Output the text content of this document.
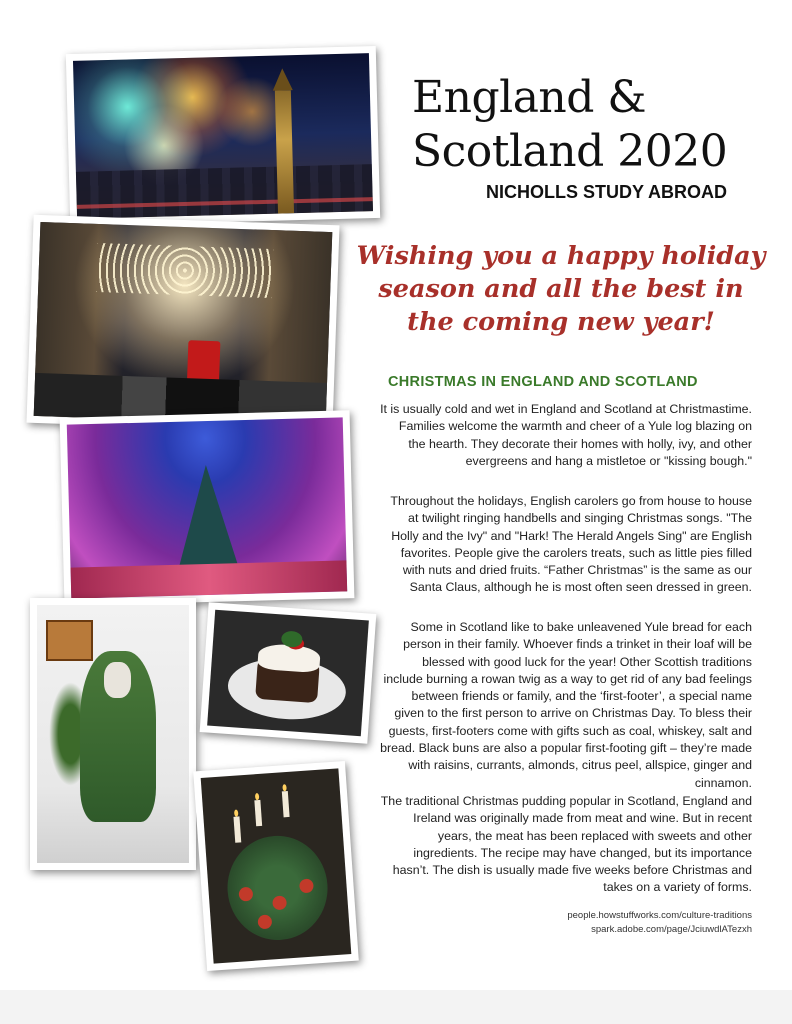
England &
Scotland 2020
NICHOLLS STUDY ABROAD
Wishing you a happy holiday season and all the best in the coming new year!
CHRISTMAS IN ENGLAND AND SCOTLAND

It is usually cold and wet in England and Scotland at Christmastime. Families welcome the warmth and cheer of a Yule log blazing on the hearth. They decorate their homes with holly, ivy, and other evergreens and hang a mistletoe or "kissing bough."

Throughout the holidays, English carolers go from house to house at twilight ringing handbells and singing Christmas songs. "The Holly and the Ivy" and "Hark! The Herald Angels Sing" are English favorites. People give the carolers treats, such as little pies filled with nuts and dried fruits. “Father Christmas” is the same as our Santa Claus, although he is most often seen dressed in green.

Some in Scotland like to bake unleavened Yule bread for each person in their family. Whoever finds a trinket in their loaf will be blessed with good luck for the year! Other Scottish traditions include burning a rowan twig as a way to get rid of any bad feelings between friends or family, and the ‘first-footer’, a special name given to the first person to arrive on Christmas Day. To bless their guests, first-footers come with gifts such as coal, whiskey, salt and bread. Black buns are also a popular first-footing gift – they’re made with raisins, currants, almonds, citrus peel, allspice, ginger and cinnamon.

The traditional Christmas pudding popular in Scotland, England and Ireland was originally made from meat and wine. But in recent years, the meat has been replaced with sweets and other ingredients. The recipe may have changed, but its importance hasn’t. The dish is usually made five weeks before Christmas and takes on a variety of forms.

people.howstuffworks.com/culture-traditions
spark.adobe.com/page/JciuwdlATezxh
